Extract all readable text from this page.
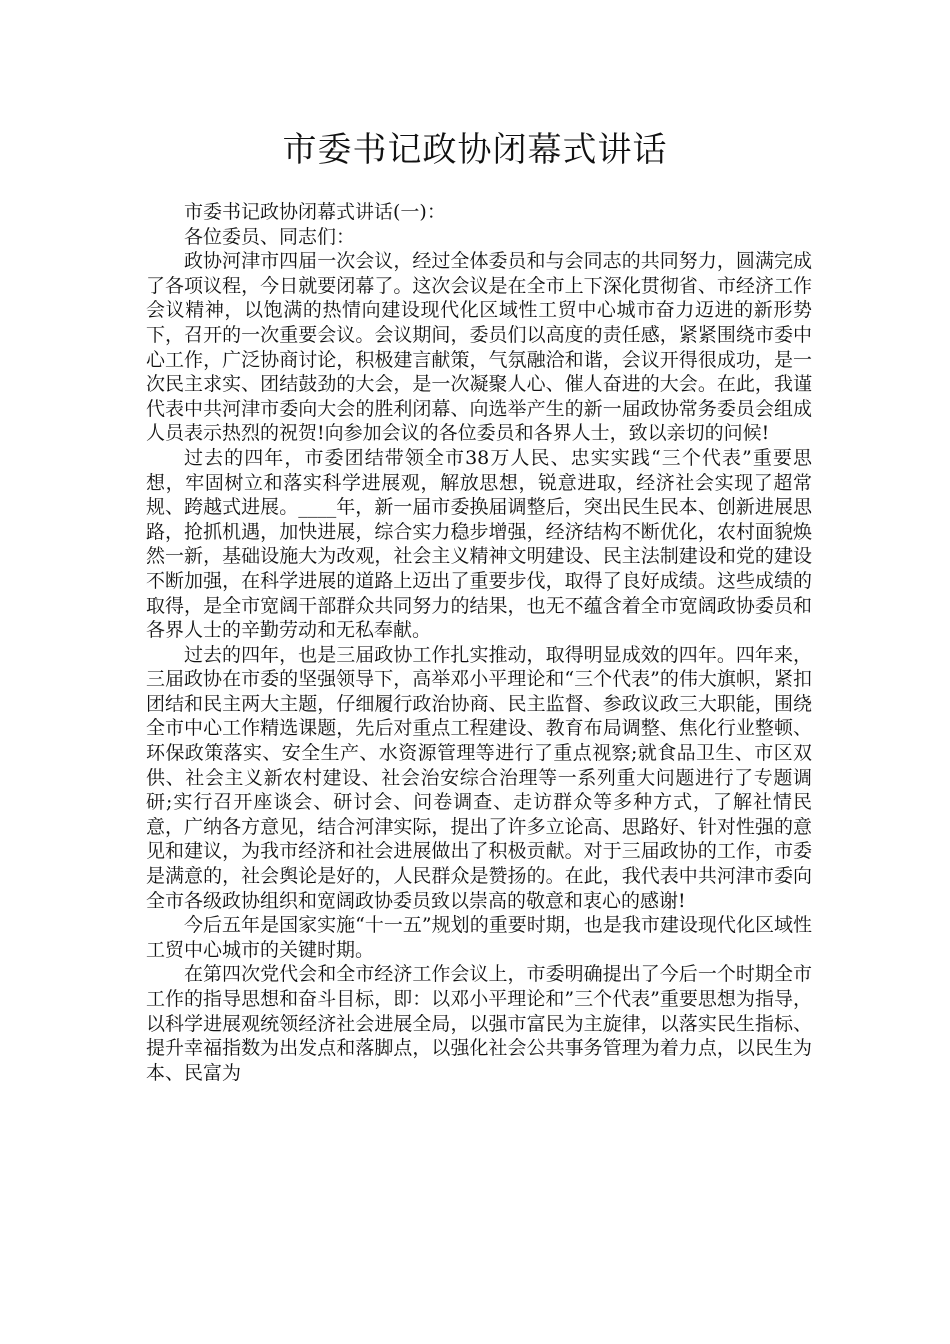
市委书记政协闭幕式讲话

市委书记政协闭幕式讲话(一)：

各位委员、同志们：

政协河津市四届一次会议，经过全体委员和与会同志的共同努力，圆满完成了各项议程，今日就要闭幕了。这次会议是在全市上下深化贯彻省、市经济工作会议精神，以饱满的热情向建设现代化区域性工贸中心城市奋力迈进的新形势下，召开的一次重要会议。会议期间，委员们以高度的责任感，紧紧围绕市委中心工作，广泛协商讨论，积极建言献策，气氛融洽和谐，会议开得很成功，是一次民主求实、团结鼓劲的大会，是一次凝聚人心、催人奋进的大会。在此，我谨代表中共河津市委向大会的胜利闭幕、向选举产生的新一届政协常务委员会组成人员表示热烈的祝贺!向参加会议的各位委员和各界人士，致以亲切的问候!

过去的四年，市委团结带领全市38万人民、忠实实践“三个代表”重要思想，牢固树立和落实科学进展观，解放思想，锐意进取，经济社会实现了超常规、跨越式进展。____年，新一届市委换届调整后，突出民生民本、创新进展思路，抢抓机遇，加快进展，综合实力稳步增强，经济结构不断优化，农村面貌焕然一新，基础设施大为改观，社会主义精神文明建设、民主法制建设和党的建设不断加强，在科学进展的道路上迈出了重要步伐，取得了良好成绩。这些成绩的取得，是全市宽阔干部群众共同努力的结果，也无不蕴含着全市宽阔政协委员和各界人士的辛勤劳动和无私奉献。

过去的四年，也是三届政协工作扎实推动，取得明显成效的四年。四年来，三届政协在市委的坚强领导下，高举邓小平理论和“三个代表”的伟大旗帜，紧扣团结和民主两大主题，仔细履行政治协商、民主监督、参政议政三大职能，围绕全市中心工作精选课题，先后对重点工程建设、教育布局调整、焦化行业整顿、环保政策落实、安全生产、水资源管理等进行了重点视察;就食品卫生、市区双供、社会主义新农村建设、社会治安综合治理等一系列重大问题进行了专题调研;实行召开座谈会、研讨会、问卷调查、走访群众等多种方式，了解社情民意，广纳各方意见，结合河津实际，提出了许多立论高、思路好、针对性强的意见和建议，为我市经济和社会进展做出了积极贡献。对于三届政协的工作，市委是满意的，社会舆论是好的，人民群众是赞扬的。在此，我代表中共河津市委向全市各级政协组织和宽阔政协委员致以崇高的敬意和衷心的感谢!

今后五年是国家实施“十一五”规划的重要时期，也是我市建设现代化区域性工贸中心城市的关键时期。

在第四次党代会和全市经济工作会议上，市委明确提出了今后一个时期全市工作的指导思想和奋斗目标，即：以邓小平理论和”三个代表”重要思想为指导，以科学进展观统领经济社会进展全局，以强市富民为主旋律，以落实民生指标、提升幸福指数为出发点和落脚点，以强化社会公共事务管理为着力点，以民生为本、民富为
